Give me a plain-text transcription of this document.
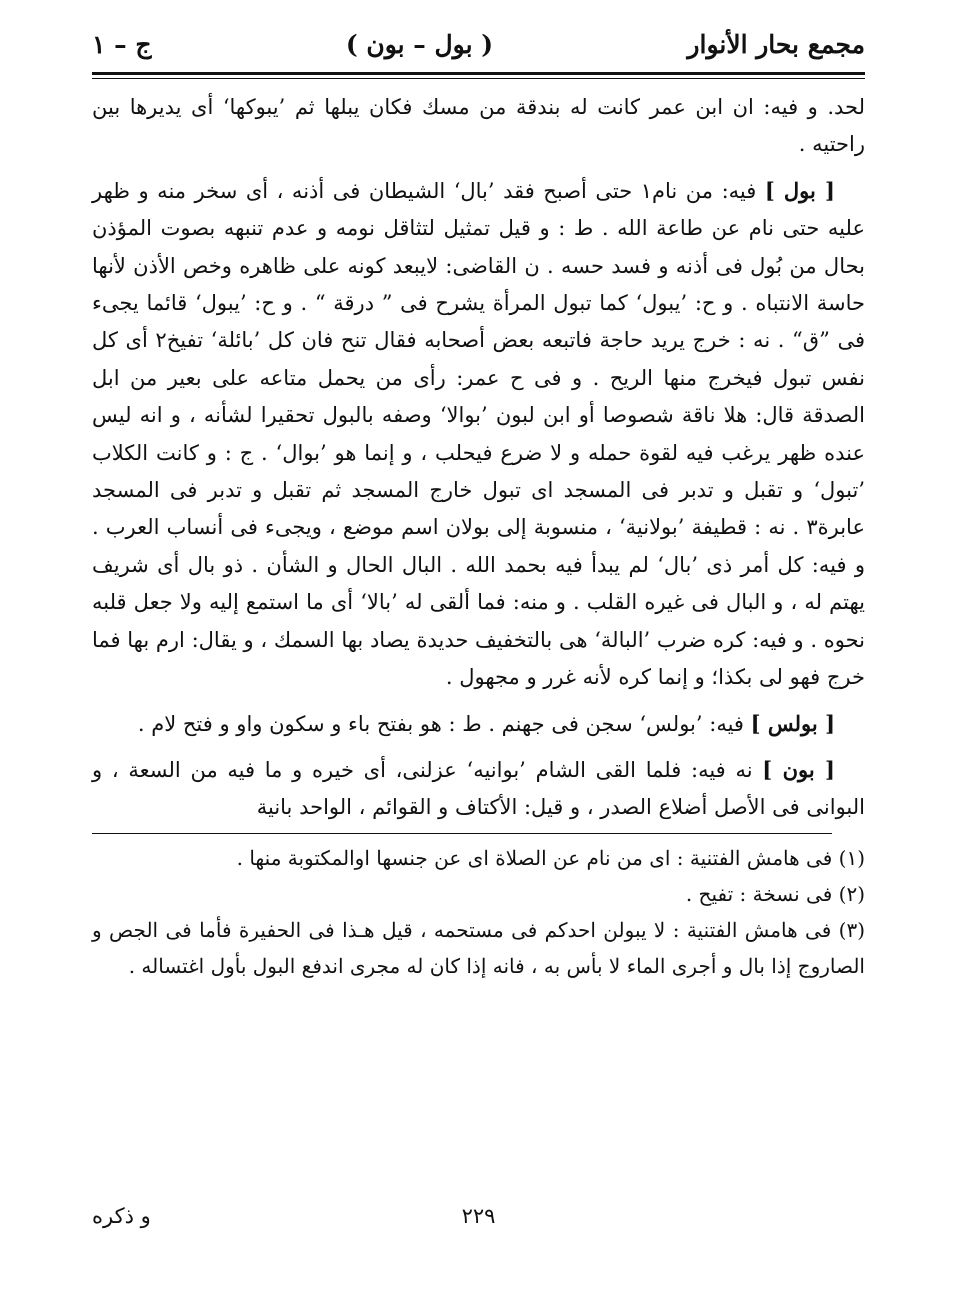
مجمع بحار الأنوار
( بول – بون )
ج – ١

لحد‏. و فيه: ان ابن عمر كانت له بندقة من مسك فكان يبلها ثم ’يبوكها‘ أى يديرها بين راحتيه .

[ بول ] فيه: من نام١ حتى أصبح فقد ’بال‘ الشيطان فى أذنه ، أى سخر منه و ظهر عليه حتى نام عن طاعة الله . ط : و قيل تمثيل لتثاقل نومه و عدم تنبهه بصوت المؤذن بحال من بُول فى أذنه و فسد حسه . ن القاضى: لايبعد كونه على ظاهره وخص الأذن لأنها حاسة الانتباه . و ح: ’يبول‘ كما تبول المرأة يشرح فى ” درقة “ . و ح: ’يبول‘ قائما يجىء فى ”ق“ . نه : خرج يريد حاجة فاتبعه بعض أصحابه فقال تنح فان كل ’بائلة‘ تفيخ٢ أى كل نفس تبول فيخرج منها الريح . و فى ح عمر: رأى من يحمل متاعه على بعير من ابل الصدقة قال: هلا ناقة شصوصا أو ابن لبون ’بوالا‘ وصفه بالبول تحقيرا لشأنه ، و انه ليس عنده ظهر يرغب فيه لقوة حمله و لا ضرع فيحلب ، و إنما هو ’بوال‘ . ج : و كانت الكلاب ’تبول‘ و تقبل و تدبر فى المسجد اى تبول خارج المسجد ثم تقبل و تدبر فى المسجد عابرة٣ . نه : قطيفة ’بولانية‘ ، منسوبة إلى بولان اسم موضع ، ويجىء فى أنساب العرب . و فيه: كل أمر ذى ’بال‘ لم يبدأ فيه بحمد الله . البال الحال و الشأن . ذو بال أى شريف يهتم له ، و البال فى غيره القلب . و منه: فما ألقى له ’بالا‘ أى ما استمع إليه ولا جعل قلبه نحوه . و فيه: كره ضرب ’البالة‘ هى بالتخفيف حديدة يصاد بها السمك ، و يقال: ارم بها فما خرج فهو لى بكذا؛ و إنما كره لأنه غرر و مجهول .

[ بولس ] فيه: ’بولس‘ سجن فى جهنم . ط : هو بفتح باء و سكون واو و فتح لام .

[ بون ] نه فيه: فلما القى الشام ’بوانيه‘ عزلنى، أى خيره و ما فيه من السعة ، و البوانى فى الأصل أضلاع الصدر ، و قيل: الأكتاف و القوائم ، الواحد بانية

(١) فى هامش الفتنية : اى من نام عن الصلاة اى عن جنسها اوالمكتوبة منها .

(٢) فى نسخة : تفيح .

(٣) فى هامش الفتنية : لا يبولن احدكم فى مستحمه ، قيل هـذا فى الحفيرة فأما فى الجص و الصاروج إذا بال و أجرى الماء لا بأس به ، فانه إذا كان له مجرى اندفع البول بأول اغتساله .

٢٢٩
و ذكره
